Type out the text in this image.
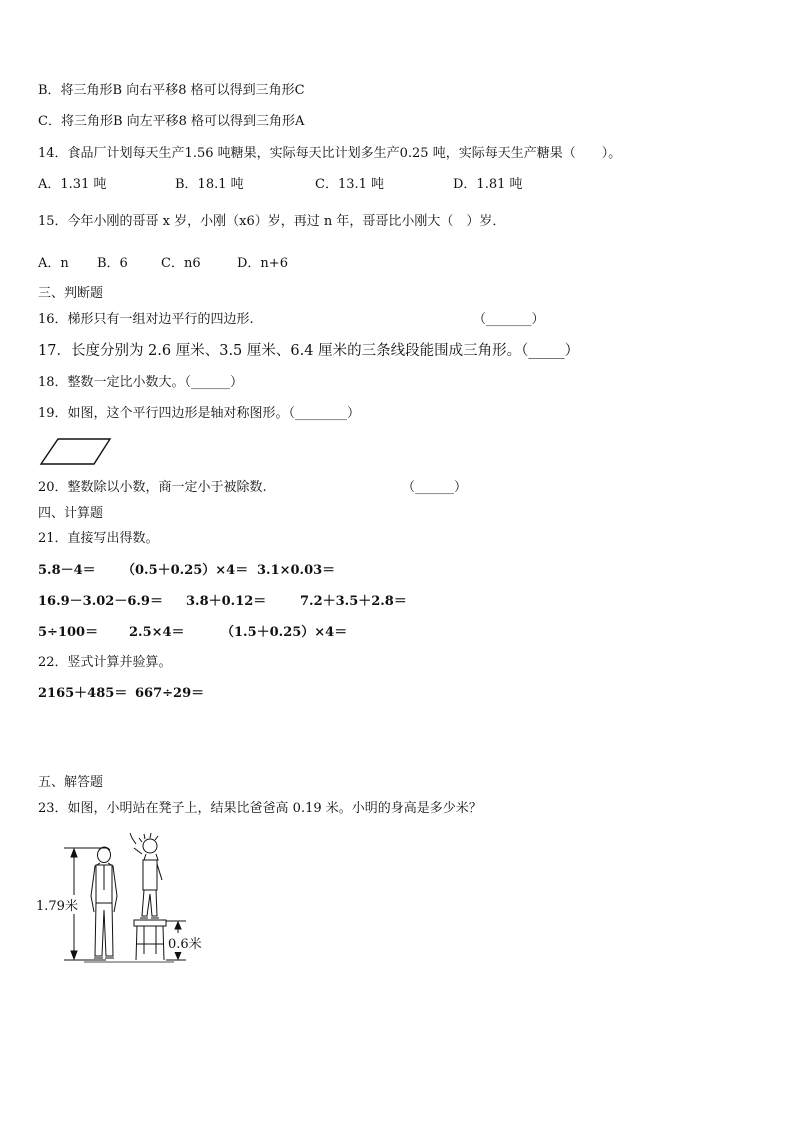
B．将三角形B 向右平移8 格可以得到三角形C
C．将三角形B 向左平移8 格可以得到三角形A
14．食品厂计划每天生产1.56 吨糖果，实际每天比计划多生产0.25 吨，实际每天生产糖果（　　）。
A．1.31 吨	B．18.1 吨	C．13.1 吨	D．1.81 吨
15．今年小刚的哥哥 x 岁，小刚（x6）岁，再过 n 年，哥哥比小刚大（　）岁．
A．n B．6	C．n6	D．n+6
三、判断题
16．梯形只有一组对边平行的四边形.	（_______）
17．长度分别为 2.6 厘米、3.5 厘米、6.4 厘米的三条线段能围成三角形。（_____）
18．整数一定比小数大。（______）
19．如图，这个平行四边形是轴对称图形。（________）
20．整数除以小数，商一定小于被除数.	（______）
四、计算题
21．直接写出得数。
5.8－4＝ （0.5＋0.25）×4＝ 3.1×0.03＝
16.9－3.02－6.9＝ 3.8＋0.12＝	7.2＋3.5＋2.8＝
5÷100＝ 2.5×4＝	（1.5＋0.25）×4＝
22．竖式计算并验算。
2165＋485＝ 667÷29＝
五、解答题
23．如图，小明站在凳子上，结果比爸爸高 0.19 米。小明的身高是多少米？
1.79米
0.6米
